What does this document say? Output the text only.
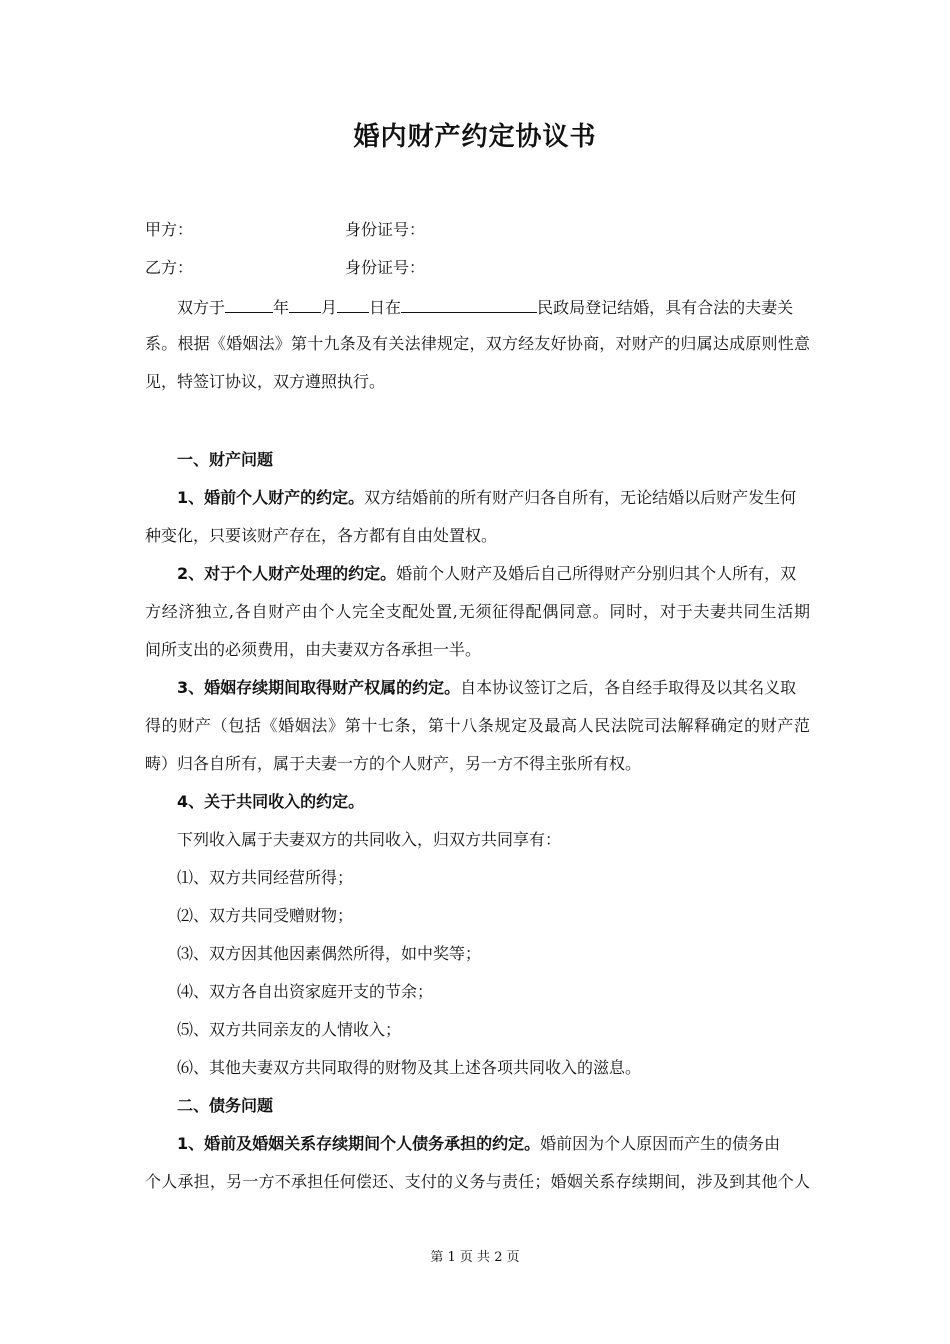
婚内财产约定协议书
甲方：	身份证号：
乙方：	身份证号：
双方于	年 月 日在	民政局登记结婚，具有合法的夫妻关
系。根据《婚姻法》第十九条及有关法律规定，双方经友好协商，对财产的归属达成原则性意
见，特签订协议，双方遵照执行。
一、财产问题
1、婚前个人财产的约定。双方结婚前的所有财产归各自所有，无论结婚以后财产发生何
种变化，只要该财产存在，各方都有自由处置权。
2、对于个人财产处理的约定。婚前个人财产及婚后自己所得财产分别归其个人所有，双
方经济独立,各自财产由个人完全支配处置,无须征得配偶同意。同时，对于夫妻共同生活期
间所支出的必须费用，由夫妻双方各承担一半。
3、婚姻存续期间取得财产权属的约定。自本协议签订之后，各自经手取得及以其名义取
得的财产（包括《婚姻法》第十七条，第十八条规定及最高人民法院司法解释确定的财产范
畴）归各自所有，属于夫妻一方的个人财产，另一方不得主张所有权。
4、关于共同收入的约定。
下列收入属于夫妻双方的共同收入，归双方共同享有：
⑴、双方共同经营所得；
⑵、双方共同受赠财物；
⑶、双方因其他因素偶然所得，如中奖等；
⑷、双方各自出资家庭开支的节余；
⑸、双方共同亲友的人情收入；
⑹、其他夫妻双方共同取得的财物及其上述各项共同收入的滋息。
二、债务问题
1、婚前及婚姻关系存续期间个人债务承担的约定。婚前因为个人原因而产生的债务由
个人承担，另一方不承担任何偿还、支付的义务与责任；婚姻关系存续期间，涉及到其他个人
第 1 页 共 2 页
